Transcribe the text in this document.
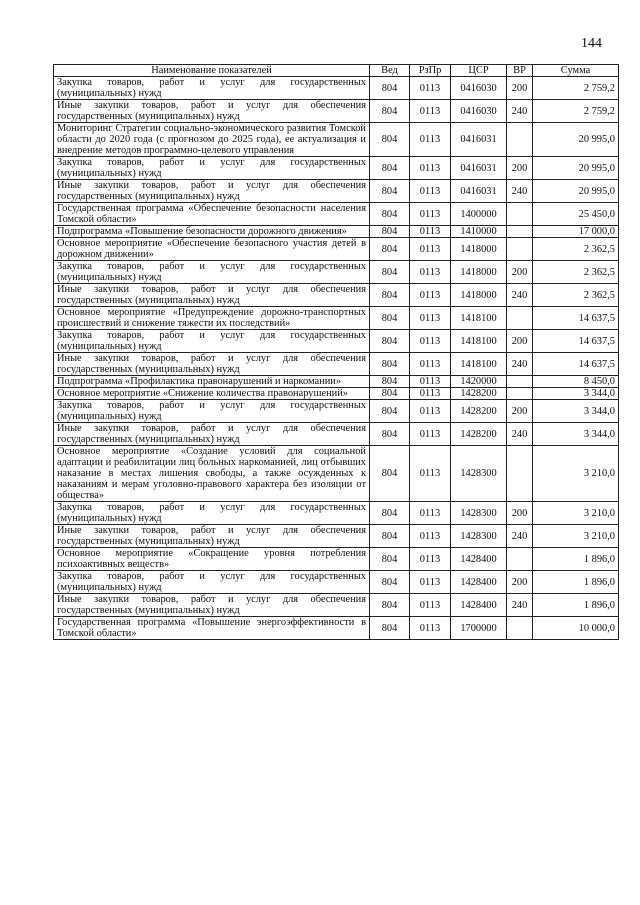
144
Наименование показателей	Вед	РзПр	ЦСР	ВР	Сумма
Закупка товаров, работ и услуг для государственных (муниципальных) нужд	804	0113	0416030	200	2 759,2
Иные закупки товаров, работ и услуг для обеспечения государственных (муниципальных) нужд	804	0113	0416030	240	2 759,2
Мониторинг Стратегии социально-экономического развития Томской области до 2020 года (с прогнозом до 2025 года), ее актуализация и внедрение методов программно-целевого управления	804	0113	0416031		20 995,0
Закупка товаров, работ и услуг для государственных (муниципальных) нужд	804	0113	0416031	200	20 995,0
Иные закупки товаров, работ и услуг для обеспечения государственных (муниципальных) нужд	804	0113	0416031	240	20 995,0
Государственная программа «Обеспечение безопасности населения Томской области»	804	0113	1400000		25 450,0
Подпрограмма «Повышение безопасности дорожного движения»	804	0113	1410000		17 000,0
Основное мероприятие «Обеспечение безопасного участия детей в дорожном движении»	804	0113	1418000		2 362,5
Закупка товаров, работ и услуг для государственных (муниципальных) нужд	804	0113	1418000	200	2 362,5
Иные закупки товаров, работ и услуг для обеспечения государственных (муниципальных) нужд	804	0113	1418000	240	2 362,5
Основное мероприятие «Предупреждение дорожно-транспортных происшествий и снижение тяжести их последствий»	804	0113	1418100		14 637,5
Закупка товаров, работ и услуг для государственных (муниципальных) нужд	804	0113	1418100	200	14 637,5
Иные закупки товаров, работ и услуг для обеспечения государственных (муниципальных) нужд	804	0113	1418100	240	14 637,5
Подпрограмма «Профилактика правонарушений и наркомании»	804	0113	1420000		8 450,0
Основное мероприятие «Снижение количества правонарушений»	804	0113	1428200		3 344,0
Закупка товаров, работ и услуг для государственных (муниципальных) нужд	804	0113	1428200	200	3 344,0
Иные закупки товаров, работ и услуг для обеспечения государственных (муниципальных) нужд	804	0113	1428200	240	3 344,0
Основное мероприятие «Создание условий для социальной адаптации и реабилитации лиц больных наркоманией, лиц отбывших наказание в местах лишения свободы, а также осужденных к наказаниям и мерам уголовно-правового характера без изоляции от общества»	804	0113	1428300		3 210,0
Закупка товаров, работ и услуг для государственных (муниципальных) нужд	804	0113	1428300	200	3 210,0
Иные закупки товаров, работ и услуг для обеспечения государственных (муниципальных) нужд	804	0113	1428300	240	3 210,0
Основное мероприятие «Сокращение уровня потребления психоактивных веществ»	804	0113	1428400		1 896,0
Закупка товаров, работ и услуг для государственных (муниципальных) нужд	804	0113	1428400	200	1 896,0
Иные закупки товаров, работ и услуг для обеспечения государственных (муниципальных) нужд	804	0113	1428400	240	1 896,0
Государственная программа «Повышение энергоэффективности в Томской области»	804	0113	1700000		10 000,0
